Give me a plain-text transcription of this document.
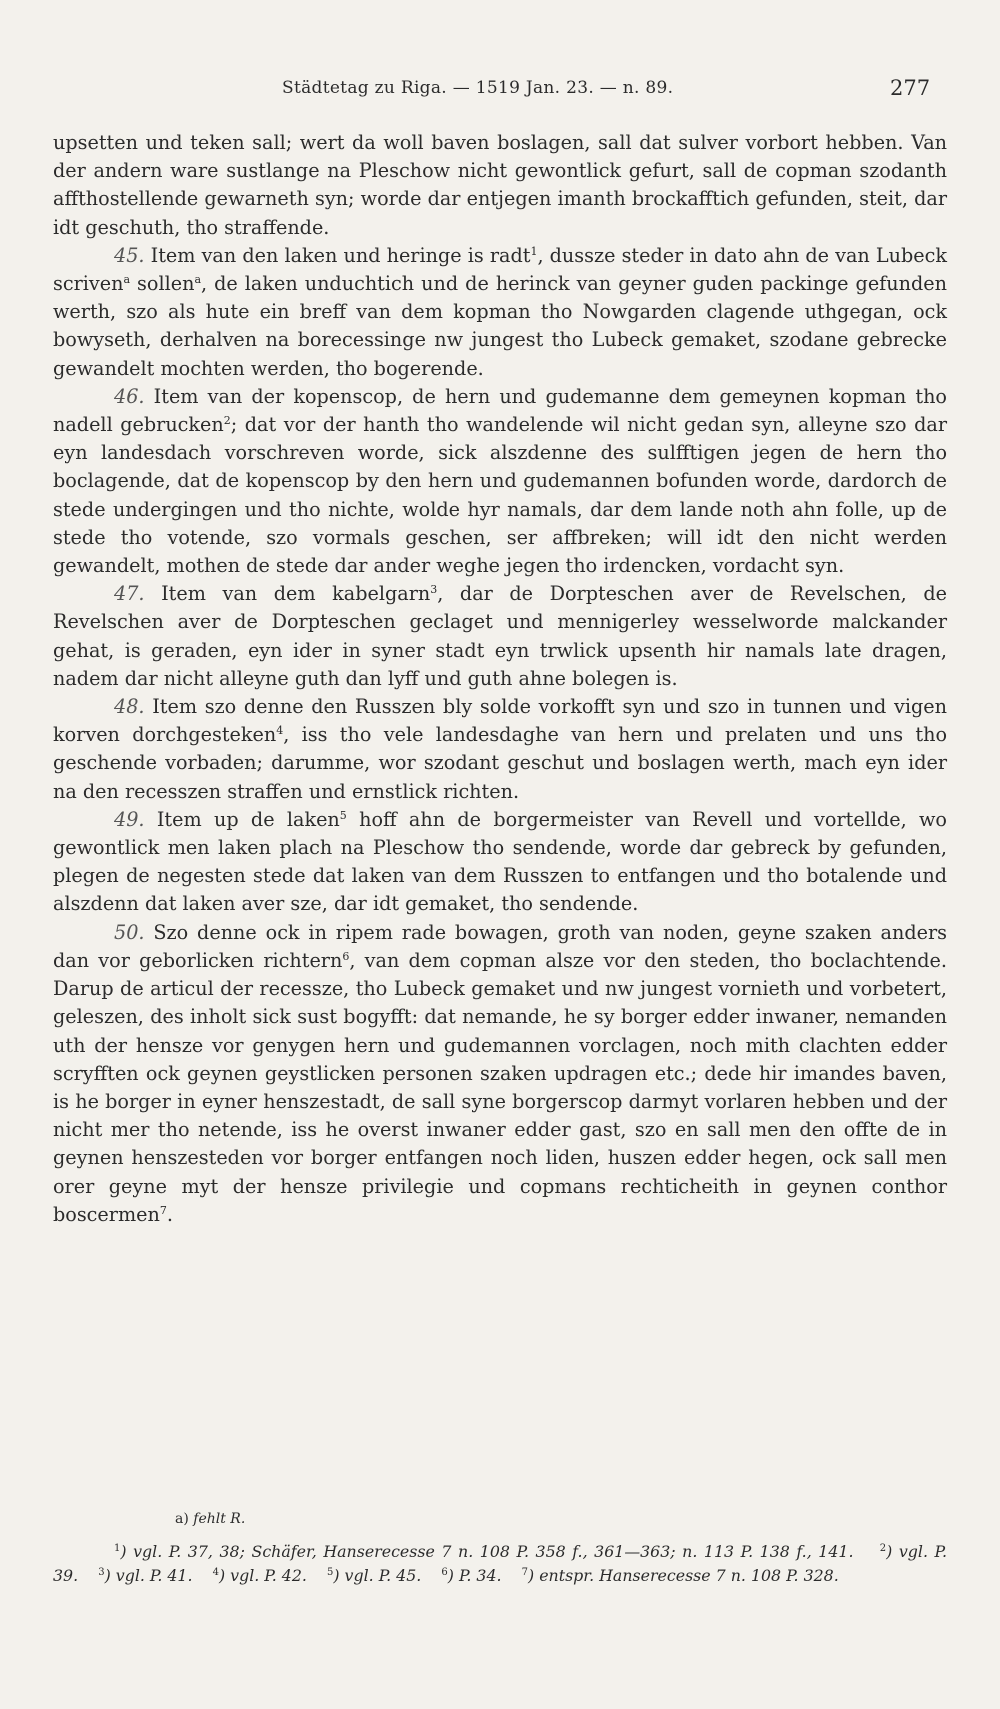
Städtetag zu Riga. — 1519 Jan. 23. — n. 89.	277

upsetten und teken sall; wert da woll baven boslagen, sall dat sulver vorbort hebben. Van der andern ware sustlange na Pleschow nicht gewontlick gefurt, sall de copman szodanth affthostellende gewarneth syn; worde dar entjegen imanth brockafftich gefunden, steit, dar idt geschuth, tho straffende.

45. Item van den laken und heringe is radt$^1$, dussze steder in dato ahn de van Lubeck scriven$^a$ sollen$^a$, de laken unduchtich und de herinck van geyner guden packinge gefunden werth, szo als hute ein breff van dem kopman tho Nowgarden clagende uthgegan, ock bowyseth, derhalven na borecessinge nw jungest tho Lubeck gemaket, szodane gebrecke gewandelt mochten werden, tho bogerende.

46. Item van der kopenscop, de hern und gudemanne dem gemeynen kopman tho nadell gebrucken$^2$; dat vor der hanth tho wandelende wil nicht gedan syn, alleyne szo dar eyn landesdach vorschreven worde, sick alszdenne des sulfftigen jegen de hern tho boclagende, dat de kopenscop by den hern und gudemannen bofunden worde, dardorch de stede undergingen und tho nichte, wolde hyr namals, dar dem lande noth ahn folle, up de stede tho votende, szo vormals geschen, ser affbreken; will idt den nicht werden gewandelt, mothen de stede dar ander weghe jegen tho irdencken, vordacht syn.

47. Item van dem kabelgarn$^3$, dar de Dorpteschen aver de Revelschen, de Revelschen aver de Dorpteschen geclaget und mennigerley wesselworde malckander gehat, is geraden, eyn ider in syner stadt eyn trwlick upsenth hir namals late dragen, nadem dar nicht alleyne guth dan lyff und guth ahne bolegen is.

48. Item szo denne den Russzen bly solde vorkofft syn und szo in tunnen und vigen korven dorchgesteken$^4$, iss tho vele landesdaghe van hern und prelaten und uns tho geschende vorbaden; darumme, wor szodant geschut und boslagen werth, mach eyn ider na den recesszen straffen und ernstlick richten.

49. Item up de laken$^5$ hoff ahn de borgermeister van Revell und vortellde, wo gewontlick men laken plach na Pleschow tho sendende, worde dar gebreck by gefunden, plegen de negesten stede dat laken van dem Russzen to entfangen und tho botalende und alszdenn dat laken aver sze, dar idt gemaket, tho sendende.

50. Szo denne ock in ripem rade bowagen, groth van noden, geyne szaken anders dan vor geborlicken richtern$^6$, van dem copman alsze vor den steden, tho boclachtende. Darup de articul der recessze, tho Lubeck gemaket und nw jungest vornieth und vorbetert, geleszen, des inholt sick sust bogyfft: dat nemande, he sy borger edder inwaner, nemanden uth der hensze vor genygen hern und gudemannen vorclagen, noch mith clachten edder scryfften ock geynen geystlicken personen szaken updragen etc.; dede hir imandes baven, is he borger in eyner henszestadt, de sall syne borgerscop darmyt vorlaren hebben und der nicht mer tho netende, iss he overst inwaner edder gast, szo en sall men den offte de in geynen henszesteden vor borger entfangen noch liden, huszen edder hegen, ock sall men orer geyne myt der hensze privilegie und copmans rechticheith in geynen conthor boscermen$^7$.

a) fehlt R.

$^1$) vgl. P. 37, 38; Schäfer, Hanserecesse 7 n. 108 P. 358 f., 361—363; n. 113 P. 138 f., 141.	$^2$) vgl. P. 39. $^3$) vgl. P. 41. $^4$) vgl. P. 42. $^5$) vgl. P. 45. $^6$) P. 34. $^7$) entspr. Hanserecesse 7 n. 108 P. 328.
